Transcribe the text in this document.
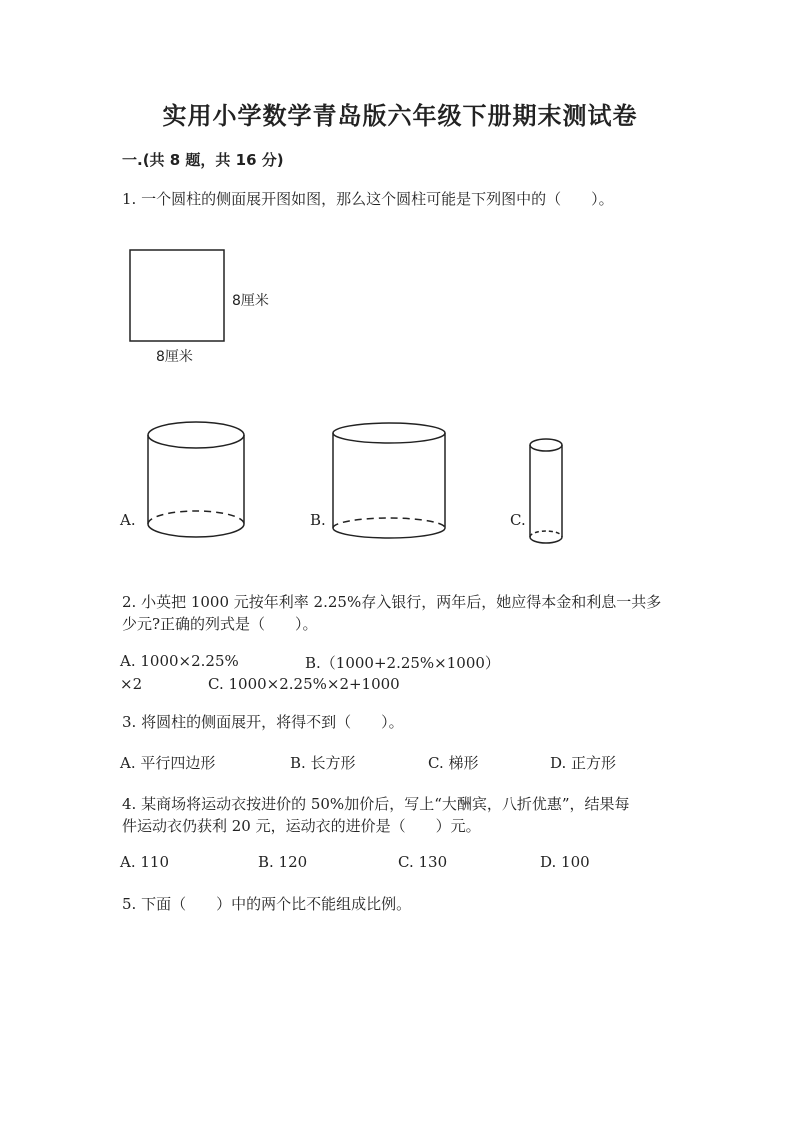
实用小学数学青岛版六年级下册期末测试卷
一.(共 8 题，共 16 分)
1. 一个圆柱的侧面展开图如图，那么这个圆柱可能是下列图中的（　　）。
8厘米
8厘米
A.	B.	C.
2. 小英把 1000 元按年利率 2.25%存入银行，两年后，她应得本金和利息一共多
少元?正确的列式是（　　）。
A. 1000×2.25%	B.（1000+2.25%×1000）
×2	C. 1000×2.25%×2+1000
3. 将圆柱的侧面展开，将得不到（　　）。
A. 平行四边形	B. 长方形	C. 梯形	D. 正方形
4. 某商场将运动衣按进价的 50%加价后，写上“大酬宾，八折优惠”，结果每
件运动衣仍获利 20 元，运动衣的进价是（　　）元。
A. 110	B. 120	C. 130	D. 100
5. 下面（　　）中的两个比不能组成比例。
